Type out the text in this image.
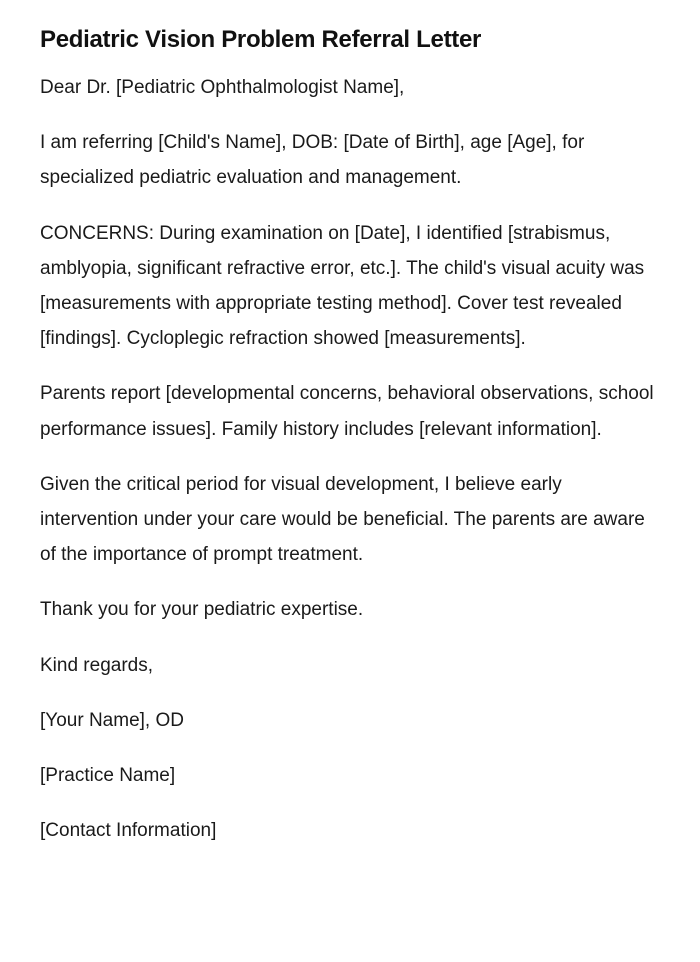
Pediatric Vision Problem Referral Letter

Dear Dr. [Pediatric Ophthalmologist Name],

I am referring [Child's Name], DOB: [Date of Birth], age [Age], for specialized pediatric evaluation and management.

CONCERNS: During examination on [Date], I identified [strabismus, amblyopia, significant refractive error, etc.]. The child's visual acuity was [measurements with appropriate testing method]. Cover test revealed [findings]. Cycloplegic refraction showed [measurements].

Parents report [developmental concerns, behavioral observations, school performance issues]. Family history includes [relevant information].

Given the critical period for visual development, I believe early intervention under your care would be beneficial. The parents are aware of the importance of prompt treatment.

Thank you for your pediatric expertise.

Kind regards,

[Your Name], OD

[Practice Name]

[Contact Information]
